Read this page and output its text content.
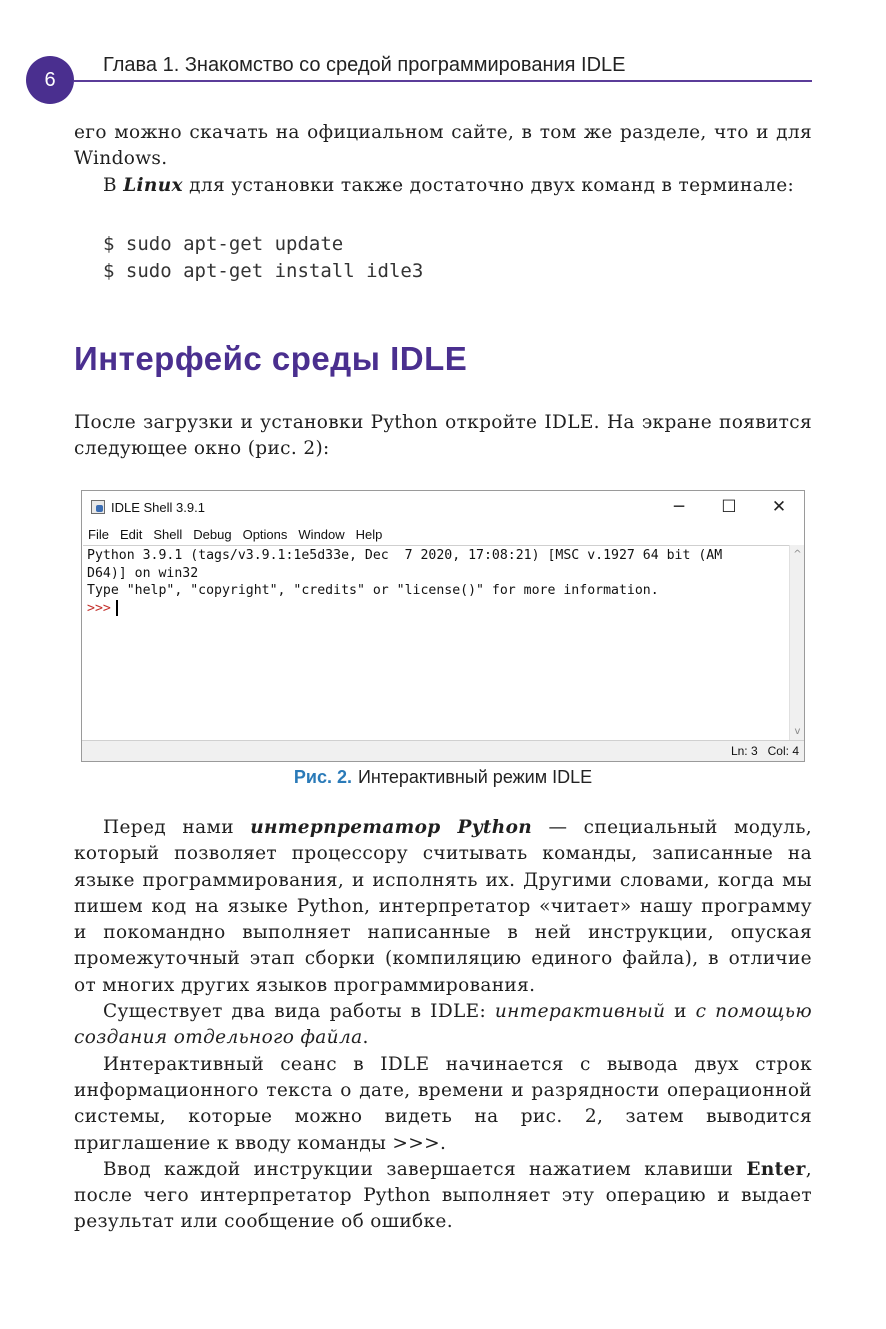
6
Глава 1. Знакомство со средой программирования IDLE

его можно скачать на официальном сайте, в том же разделе, что и для Windows.

В Linux для установки также достаточно двух команд в терминале:

$ sudo apt-get update
$ sudo apt-get install idle3
Интерфейс среды IDLE

После загрузки и установки Python откройте IDLE. На экране появится следующее окно (рис. 2):

IDLE Shell 3.9.1	─	☐	✕
File Edit Shell Debug Options Window Help
Python 3.9.1 (tags/v3.9.1:1e5d33e, Dec  7 2020, 17:08:21) [MSC v.1927 64 bit (AM
D64)] on win32
Type "help", "copyright", "credits" or "license()" for more information.
>>>
^
v
Ln: 3 Col: 4
Рис. 2. Интерактивный режим IDLE

Перед нами интерпретатор Python — специальный модуль, который позволяет процессору считывать команды, записанные на языке программирования, и исполнять их. Другими словами, когда мы пишем код на языке Python, интерпретатор «читает» нашу программу и покомандно выполняет написанные в ней инструкции, опуская промежуточный этап сборки (компиляцию единого файла), в отличие от многих других языков программирования.

Существует два вида работы в IDLE: интерактивный и с помощью создания отдельного файла.

Интерактивный сеанс в IDLE начинается с вывода двух строк информационного текста о дате, времени и разрядности операционной системы, которые можно видеть на рис. 2, затем выводится приглашение к вводу команды >>>.

Ввод каждой инструкции завершается нажатием клавиши Enter, после чего интерпретатор Python выполняет эту операцию и выдает результат или сообщение об ошибке.
